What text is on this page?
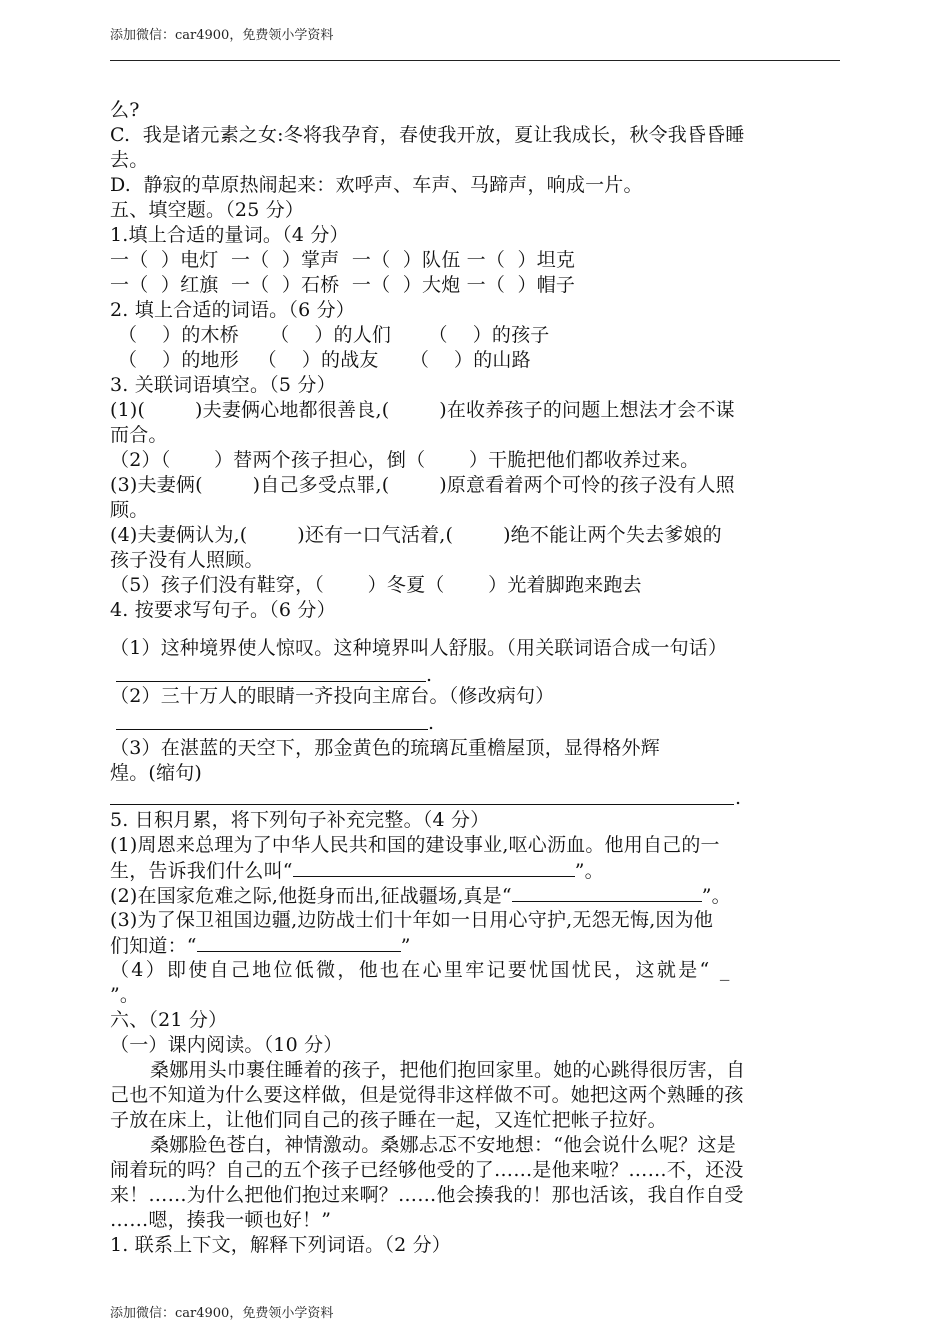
添加微信：car4900，免费领小学资料
么?
C.  我是诸元素之女:冬将我孕育，春使我开放，夏让我成长，秋令我昏昏睡
去。
D.  静寂的草原热闹起来：欢呼声、车声、马蹄声，响成一片。
五、填空题。（25 分）
1.填上合适的量词。（4 分）
一（  ）电灯  一（  ）掌声  一（  ）队伍 一（  ）坦克
一（  ）红旗  一（  ）石桥  一（  ）大炮 一（  ）帽子
2. 填上合适的词语。（6 分）
（    ）的木桥     （    ）的人们      （    ）的孩子
（    ）的地形   （    ）的战友     （    ）的山路
3. 关联词语填空。（5 分）
(1)(        )夫妻俩心地都很善良,(        )在收养孩子的问题上想法才会不谋
而合。
（2）（       ）替两个孩子担心，倒（       ）干脆把他们都收养过来。
(3)夫妻俩(        )自己多受点罪,(        )原意看着两个可怜的孩子没有人照
顾。
(4)夫妻俩认为,(        )还有一口气活着,(        )绝不能让两个失去爹娘的
孩子没有人照顾。
（5）孩子们没有鞋穿，（       ）冬夏（       ）光着脚跑来跑去
4. 按要求写句子。（6 分）
（1）这种境界使人惊叹。这种境界叫人舒服。（用关联词语合成一句话）
.
（2）三十万人的眼睛一齐投向主席台。（修改病句）
.
（3）在湛蓝的天空下，那金黄色的琉璃瓦重檐屋顶，显得格外辉
煌。(缩句)
.
5. 日积月累，将下列句子补充完整。（4 分）
(1)周恩来总理为了中华人民共和国的建设事业,呕心沥血。他用自己的一
生，告诉我们什么叫“	”。
(2)在国家危难之际,他挺身而出,征战疆场,真是“	”。
(3)为了保卫祖国边疆,边防战士们十年如一日用心守护,无怨无悔,因为他
们知道：“	”
（4）即使自己地位低微，他也在心里牢记要忧国忧民，这就是“ _
”。
六、（21 分）
（一）课内阅读。（10 分）
桑娜用头巾裹住睡着的孩子，把他们抱回家里。她的心跳得很厉害，自
己也不知道为什么要这样做，但是觉得非这样做不可。她把这两个熟睡的孩
子放在床上，让他们同自己的孩子睡在一起，又连忙把帐子拉好。
桑娜脸色苍白，神情激动。桑娜忐忑不安地想：“他会说什么呢？这是
闹着玩的吗？自己的五个孩子已经够他受的了……是他来啦？……不，还没
来！……为什么把他们抱过来啊？……他会揍我的！那也活该，我自作自受
……嗯，揍我一顿也好！”
1. 联系上下文，解释下列词语。（2 分）
添加微信：car4900，免费领小学资料
